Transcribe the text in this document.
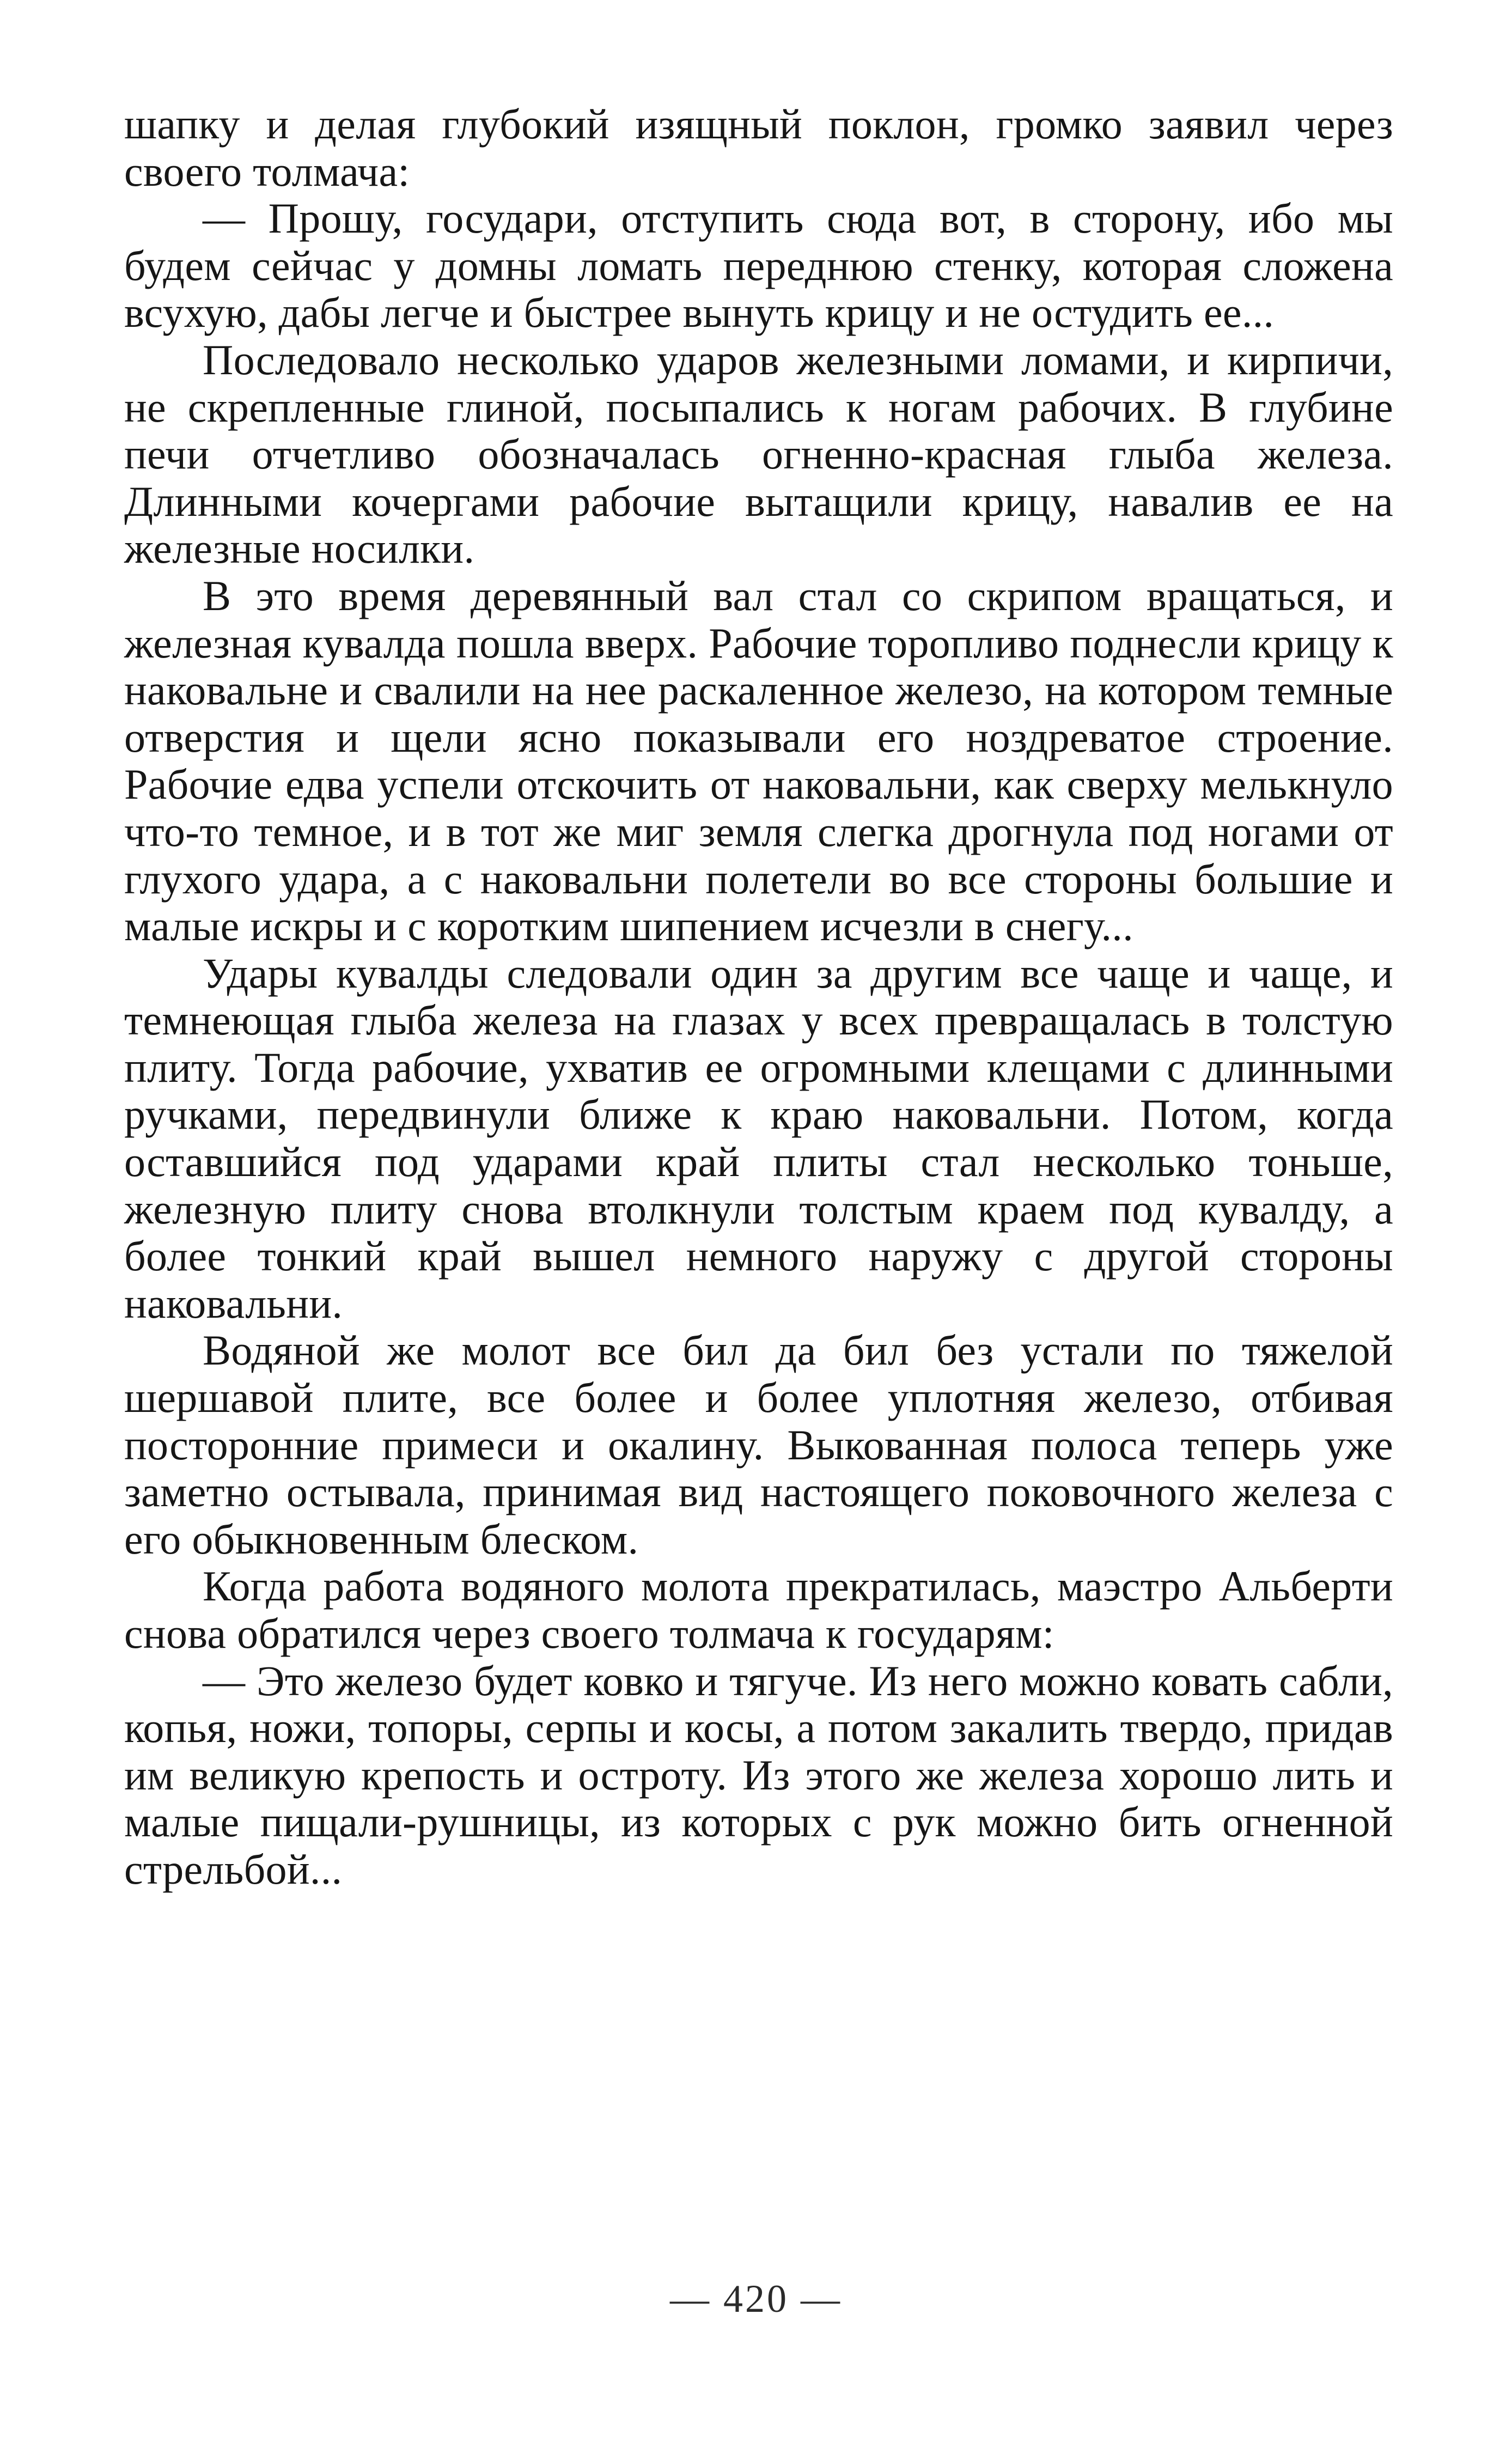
шапку и делая глубокий изящный поклон, громко заявил через своего толмача:

— Прошу, государи, отступить сюда вот, в сторону, ибо мы будем сейчас у домны ломать переднюю стенку, которая сложена всухую, дабы легче и быстрее вынуть крицу и не остудить ее...

Последовало несколько ударов железными ломами, и кирпичи, не скрепленные глиной, посыпались к ногам рабочих. В глубине печи отчетливо обозначалась огненно-красная глыба железа. Длинными кочергами рабочие вытащили крицу, навалив ее на железные носилки.

В это время деревянный вал стал со скрипом вращаться, и железная кувалда пошла вверх. Рабочие торопливо поднесли крицу к наковальне и свалили на нее раскаленное железо, на котором темные отверстия и щели ясно показывали его ноздреватое строение. Рабочие едва успели отскочить от наковальни, как сверху мелькнуло что-то темное, и в тот же миг земля слегка дрогнула под ногами от глухого удара, а с наковальни полетели во все стороны большие и малые искры и с коротким шипением исчезли в снегу...

Удары кувалды следовали один за другим все чаще и чаще, и темнеющая глыба железа на глазах у всех превращалась в толстую плиту. Тогда рабочие, ухватив ее огромными клещами с длинными ручками, передвинули ближе к краю наковальни. Потом, когда оставшийся под ударами край плиты стал несколько тоньше, железную плиту снова втолкнули толстым краем под кувалду, а более тонкий край вышел немного наружу с другой стороны наковальни.

Водяной же молот все бил да бил без устали по тяжелой шершавой плите, все более и более уплотняя железо, отбивая посторонние примеси и окалину. Выкованная полоса теперь уже заметно остывала, принимая вид настоящего поковочного железа с его обыкновенным блеском.

Когда работа водяного молота прекратилась, маэстро Альберти снова обратился через своего толмача к государям:

— Это железо будет ковко и тягуче. Из него можно ковать сабли, копья, ножи, топоры, серпы и косы, а потом закалить твердо, придав им великую крепость и остроту. Из этого же железа хорошо лить и малые пищали-рушницы, из которых с рук можно бить огненной стрельбой...

— 420 —
